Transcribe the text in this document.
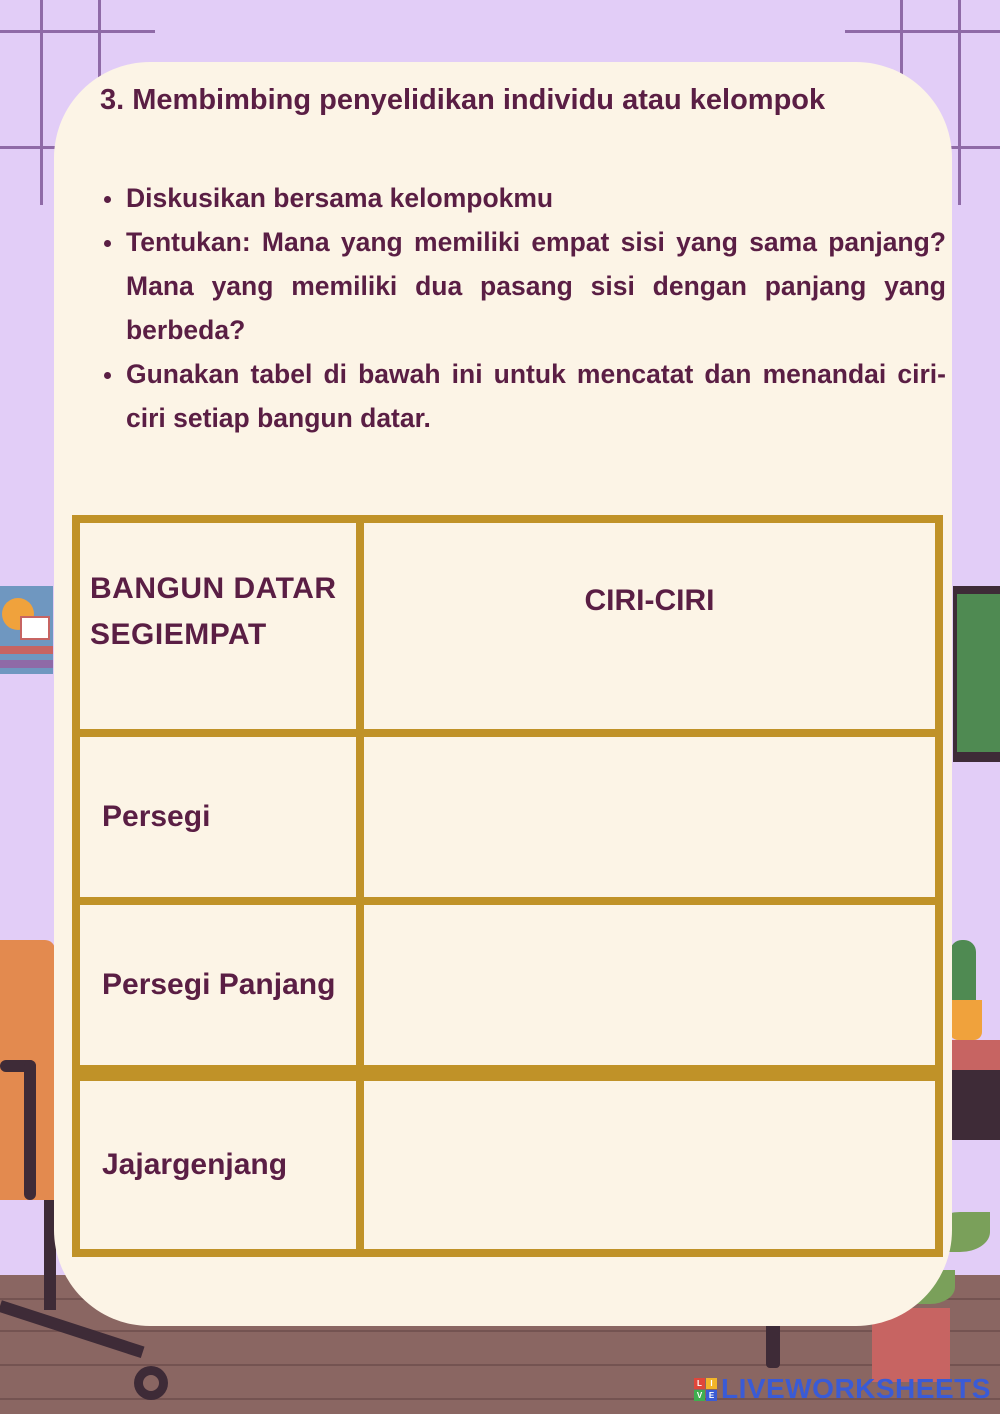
3. Membimbing penyelidikan individu atau kelompok
Diskusikan bersama kelompokmu
Tentukan: Mana yang memiliki empat sisi yang sama panjang?Mana yang memiliki dua pasang sisi dengan panjang yang berbeda?
Gunakan tabel di bawah ini untuk mencatat dan menandai ciri-ciri setiap bangun datar.
BANGUN DATAR SEGIEMPAT	CIRI-CIRI
Persegi	
Persegi Panjang	
Jajargenjang	
L	I
V E LIVEWORKSHEETS
